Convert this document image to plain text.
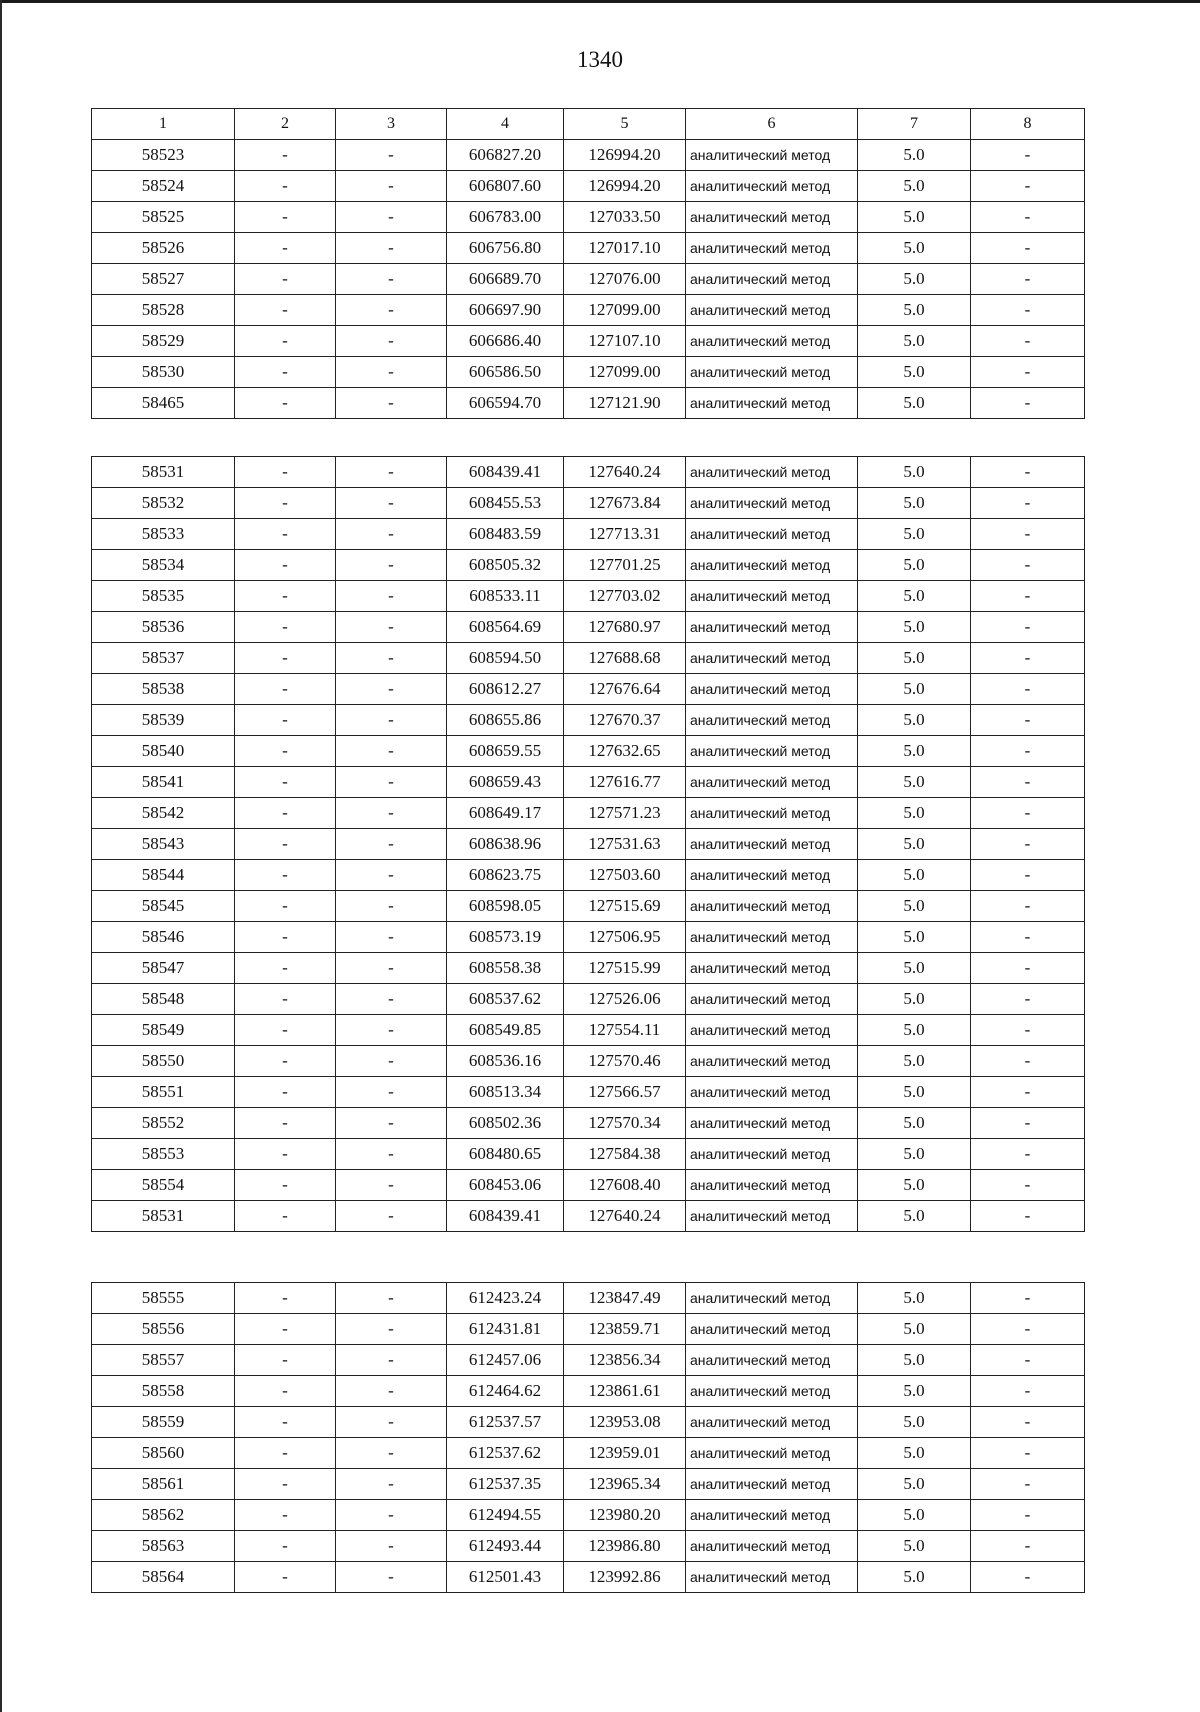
1340
1	2	3	4	5	6	7	8
58523	-	-	606827.20	126994.20	аналитический метод	5.0	-
58524	-	-	606807.60	126994.20	аналитический метод	5.0	-
58525	-	-	606783.00	127033.50	аналитический метод	5.0	-
58526	-	-	606756.80	127017.10	аналитический метод	5.0	-
58527	-	-	606689.70	127076.00	аналитический метод	5.0	-
58528	-	-	606697.90	127099.00	аналитический метод	5.0	-
58529	-	-	606686.40	127107.10	аналитический метод	5.0	-
58530	-	-	606586.50	127099.00	аналитический метод	5.0	-
58465	-	-	606594.70	127121.90	аналитический метод	5.0	-
58531	-	-	608439.41	127640.24	аналитический метод	5.0	-
58532	-	-	608455.53	127673.84	аналитический метод	5.0	-
58533	-	-	608483.59	127713.31	аналитический метод	5.0	-
58534	-	-	608505.32	127701.25	аналитический метод	5.0	-
58535	-	-	608533.11	127703.02	аналитический метод	5.0	-
58536	-	-	608564.69	127680.97	аналитический метод	5.0	-
58537	-	-	608594.50	127688.68	аналитический метод	5.0	-
58538	-	-	608612.27	127676.64	аналитический метод	5.0	-
58539	-	-	608655.86	127670.37	аналитический метод	5.0	-
58540	-	-	608659.55	127632.65	аналитический метод	5.0	-
58541	-	-	608659.43	127616.77	аналитический метод	5.0	-
58542	-	-	608649.17	127571.23	аналитический метод	5.0	-
58543	-	-	608638.96	127531.63	аналитический метод	5.0	-
58544	-	-	608623.75	127503.60	аналитический метод	5.0	-
58545	-	-	608598.05	127515.69	аналитический метод	5.0	-
58546	-	-	608573.19	127506.95	аналитический метод	5.0	-
58547	-	-	608558.38	127515.99	аналитический метод	5.0	-
58548	-	-	608537.62	127526.06	аналитический метод	5.0	-
58549	-	-	608549.85	127554.11	аналитический метод	5.0	-
58550	-	-	608536.16	127570.46	аналитический метод	5.0	-
58551	-	-	608513.34	127566.57	аналитический метод	5.0	-
58552	-	-	608502.36	127570.34	аналитический метод	5.0	-
58553	-	-	608480.65	127584.38	аналитический метод	5.0	-
58554	-	-	608453.06	127608.40	аналитический метод	5.0	-
58531	-	-	608439.41	127640.24	аналитический метод	5.0	-
58555	-	-	612423.24	123847.49	аналитический метод	5.0	-
58556	-	-	612431.81	123859.71	аналитический метод	5.0	-
58557	-	-	612457.06	123856.34	аналитический метод	5.0	-
58558	-	-	612464.62	123861.61	аналитический метод	5.0	-
58559	-	-	612537.57	123953.08	аналитический метод	5.0	-
58560	-	-	612537.62	123959.01	аналитический метод	5.0	-
58561	-	-	612537.35	123965.34	аналитический метод	5.0	-
58562	-	-	612494.55	123980.20	аналитический метод	5.0	-
58563	-	-	612493.44	123986.80	аналитический метод	5.0	-
58564	-	-	612501.43	123992.86	аналитический метод	5.0	-
